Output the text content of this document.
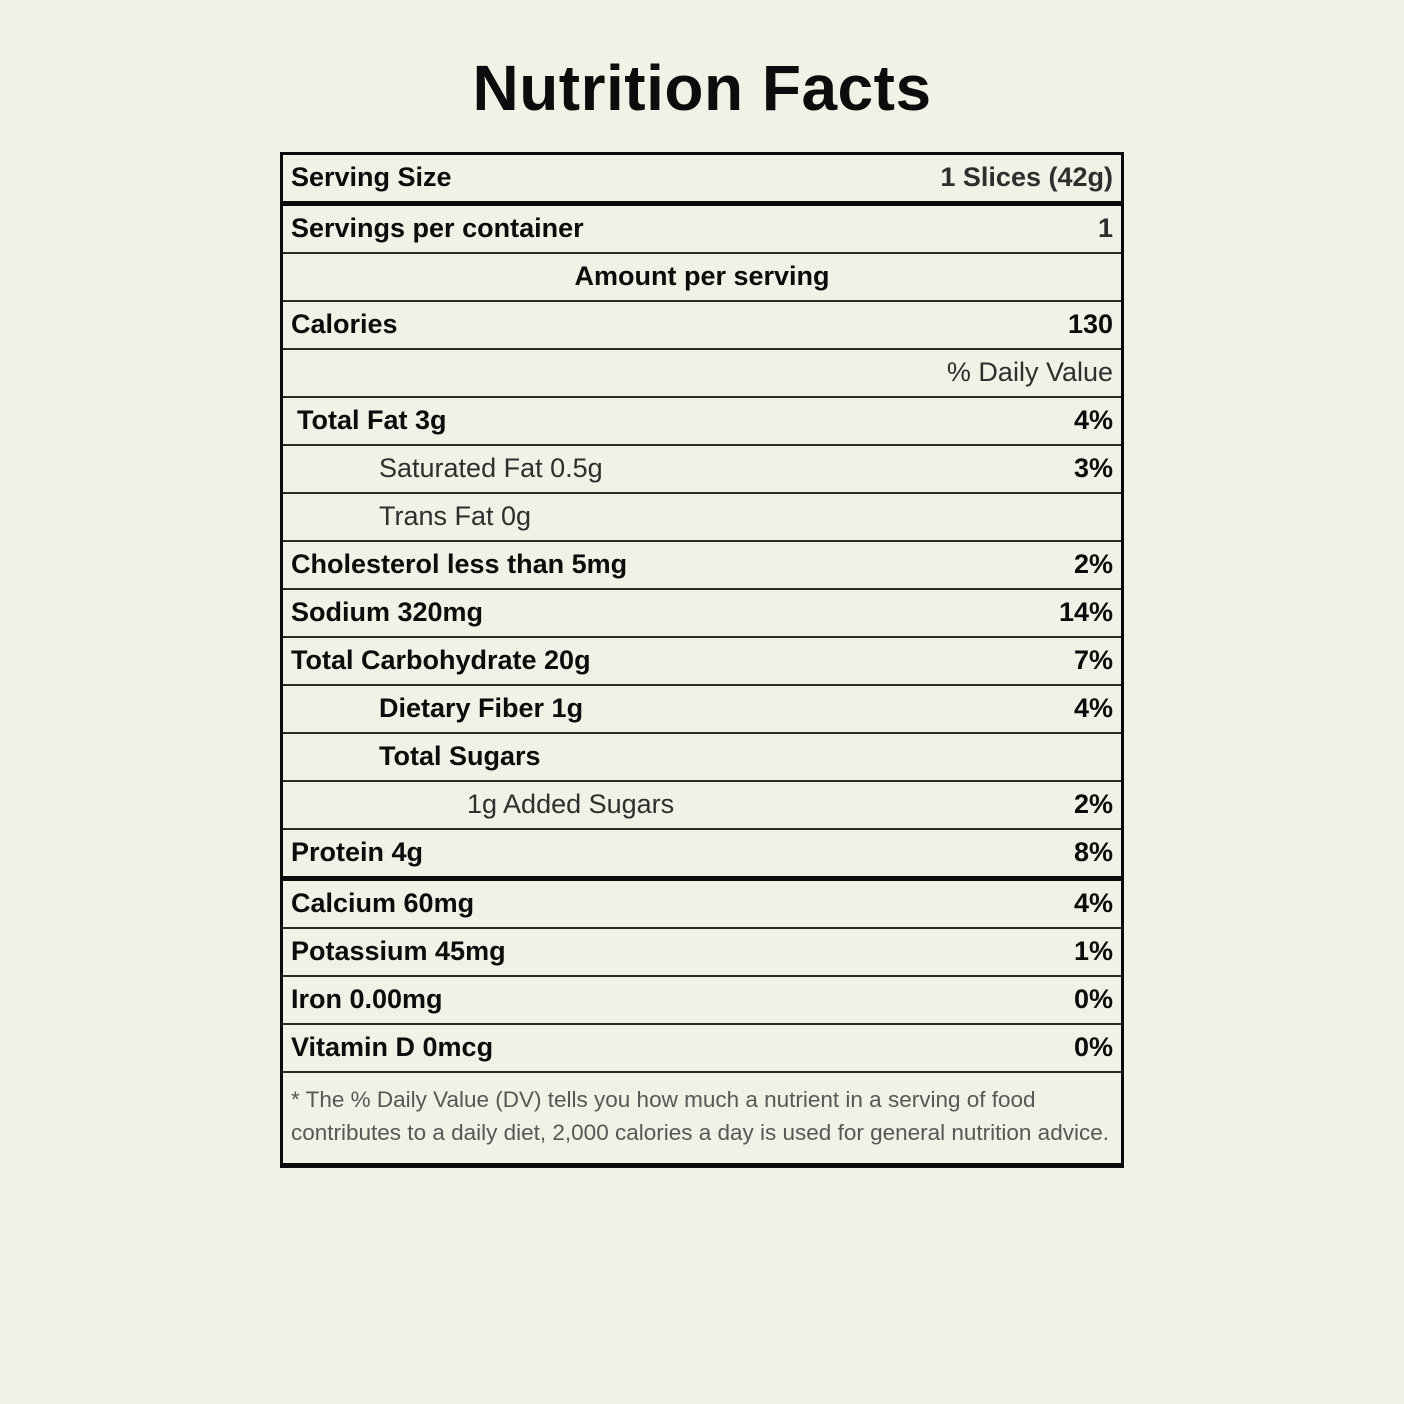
Nutrition Facts
Serving Size	1 Slices (42g)
Servings per container	1
Amount per serving
Calories	130
% Daily Value
Total Fat 3g	4%
Saturated Fat 0.5g	3%
Trans Fat 0g
Cholesterol less than 5mg	2%
Sodium 320mg	14%
Total Carbohydrate 20g	7%
Dietary Fiber 1g	4%
Total Sugars
1g Added Sugars	2%
Protein 4g	8%
Calcium 60mg	4%
Potassium 45mg	1%
Iron 0.00mg	0%
Vitamin D 0mcg	0%
* The % Daily Value (DV) tells you how much a nutrient in a serving of food contributes to a daily diet, 2,000 calories a day is used for general nutrition advice.
